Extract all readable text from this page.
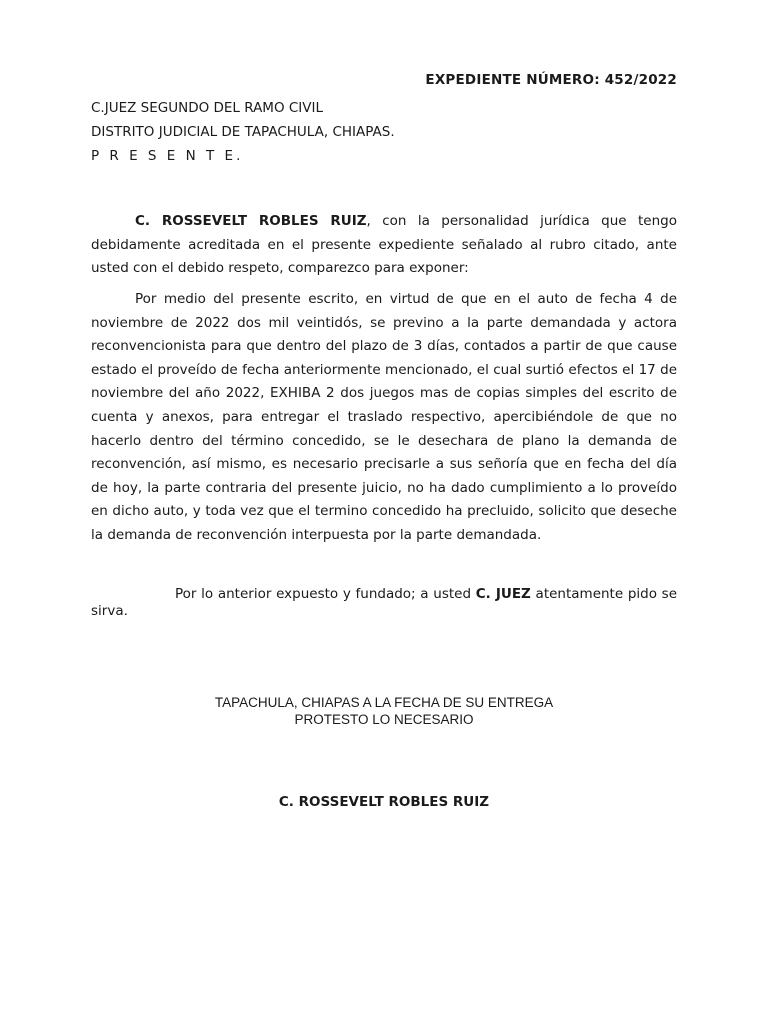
EXPEDIENTE NÚMERO: 452/2022
C.JUEZ SEGUNDO DEL RAMO CIVIL
DISTRITO JUDICIAL DE TAPACHULA, CHIAPAS.
P R E S E N T E.

C. ROSSEVELT ROBLES RUIZ, con la personalidad jurídica que tengo debidamente acreditada en el presente expediente señalado al rubro citado, ante usted con el debido respeto, comparezco para exponer:

Por medio del presente escrito, en virtud de que en el auto de fecha 4 de noviembre de 2022 dos mil veintidós, se previno a la parte demandada y actora reconvencionista para que dentro del plazo de 3 días, contados a partir de que cause estado el proveído de fecha anteriormente mencionado, el cual surtió efectos el 17 de noviembre del año 2022, EXHIBA 2 dos juegos mas de copias simples del escrito de cuenta y anexos, para entregar el traslado respectivo, apercibiéndole de que no hacerlo dentro del término concedido, se le desechara de plano la demanda de reconvención, así mismo, es necesario precisarle a sus señoría que en fecha del día de hoy, la parte contraria del presente juicio, no ha dado cumplimiento a lo proveído en dicho auto, y toda vez que el termino concedido ha precluido, solicito que deseche la demanda de reconvención interpuesta por la parte demandada.

Por lo anterior expuesto y fundado; a usted C. JUEZ atentamente pido se sirva.

TAPACHULA, CHIAPAS A LA FECHA DE SU ENTREGA
PROTESTO LO NECESARIO
C. ROSSEVELT ROBLES RUIZ
